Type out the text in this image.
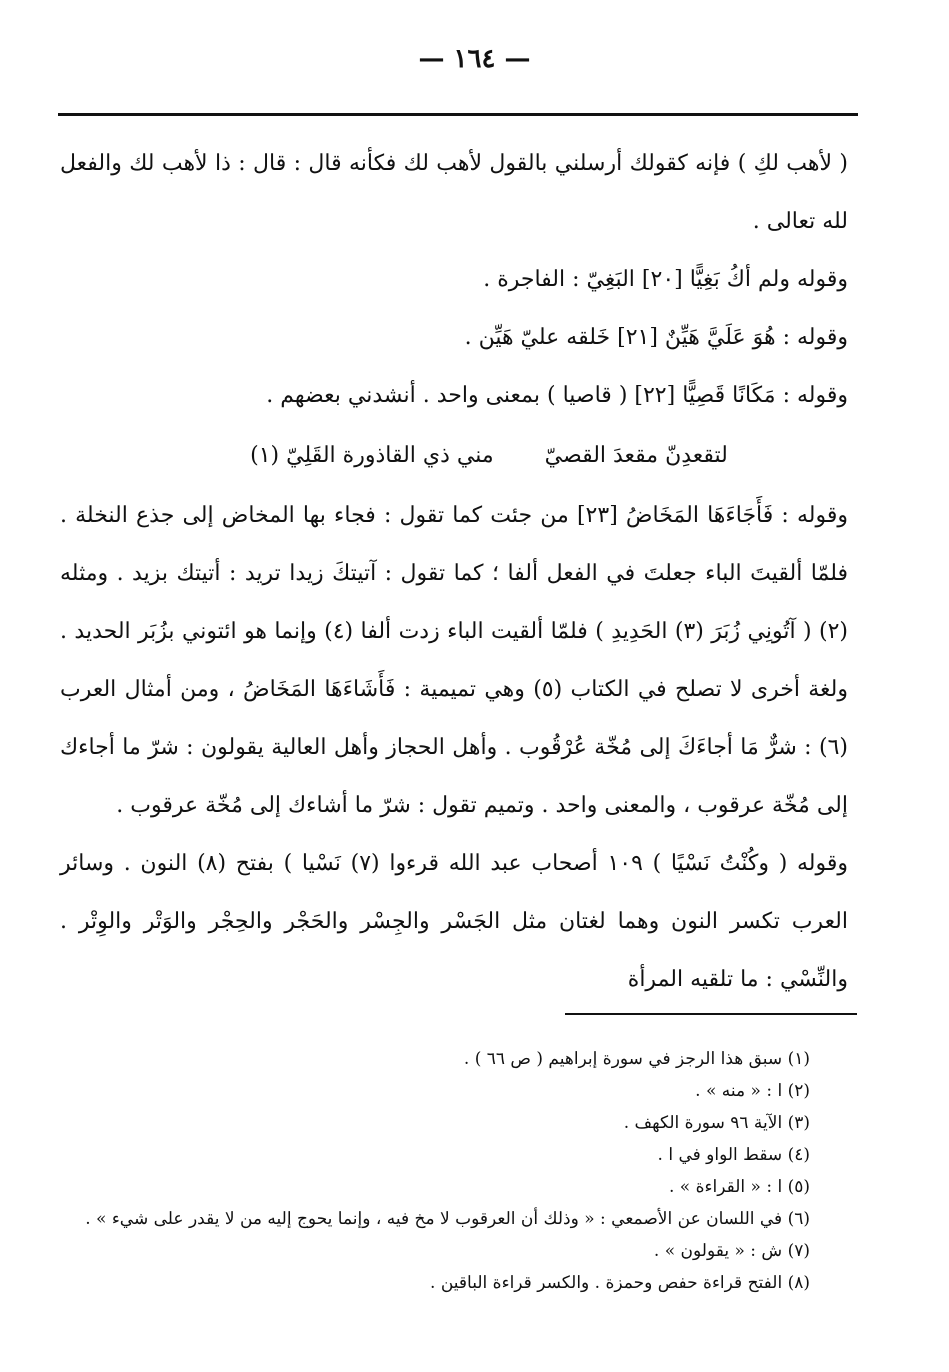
— ١٦٤ —

( لأهب لكِ ) فإنه كقولك أرسلني بالقول لأهب لك فكأنه قال : قال : ذا لأهب لك والفعل لله تعالى .

وقوله ولم أكُ بَغِيًّا [٢٠] البَغِيّ : الفاجرة .

وقوله : هُوَ عَلَيَّ هَيِّنٌ [٢١] خَلقه عليّ هَيِّن .

وقوله : مَكَانًا قَصِيًّا [٢٢] ( قاصيا ) بمعنى واحد . أنشدني بعضهم .

لتقعدِنّ مقعدَ القصيّ مني ذي القاذورة القَلِيّ (١)

وقوله : فَأَجَاءَهَا المَخَاضُ [٢٣] من جئت كما تقول : فجاء بها المخاض إلى جذع النخلة . فلمّا ألقيتَ الباء جعلتَ في الفعل ألفا ؛ كما تقول : آتيتكَ زيدا تريد : أتيتك بزيد . ومثله (٢) ( آتُونِي زُبَرَ (٣) الحَدِيدِ ) فلمّا ألقيت الباء زدت ألفا (٤) وإنما هو ائتوني بزُبَر الحديد . ولغة أخرى لا تصلح في الكتاب (٥) وهي تميمية : فَأَشَاءَهَا المَخَاضُ ، ومن أمثال العرب (٦) : شرٌّ مَا أجاءَكَ إلى مُخّة عُرْقُوب . وأهل الحجاز وأهل العالية يقولون : شرّ ما أجاءك إلى مُخّة عرقوب ، والمعنى واحد . وتميم تقول : شرّ ما أشاءك إلى مُخّة عرقوب .

وقوله ( وكُنْتُ نَسْيًا ) ١٠٩ أصحاب عبد الله قرءوا (٧) نَسْيا ) بفتح (٨) النون . وسائر العرب تكسر النون وهما لغتان مثل الجَسْر والجِسْر والحَجْر والحِجْر والوَتْر والوِتْر . والنِّسْي : ما تلقيه المرأة

(١) سبق هذا الرجز في سورة إبراهيم ( ص ٦٦ ) .
(٢) ا : « منه » .
(٣) الآية ٩٦ سورة الكهف .
(٤) سقط الواو في ا .
(٥) ا : « القراءة » .
(٦) في اللسان عن الأصمعي : « وذلك أن العرقوب لا مخ فيه ، وإنما يحوج إليه من لا يقدر على شيء » .
(٧) ش : « يقولون » .
(٨) الفتح قراءة حفص وحمزة . والكسر قراءة الباقين .
